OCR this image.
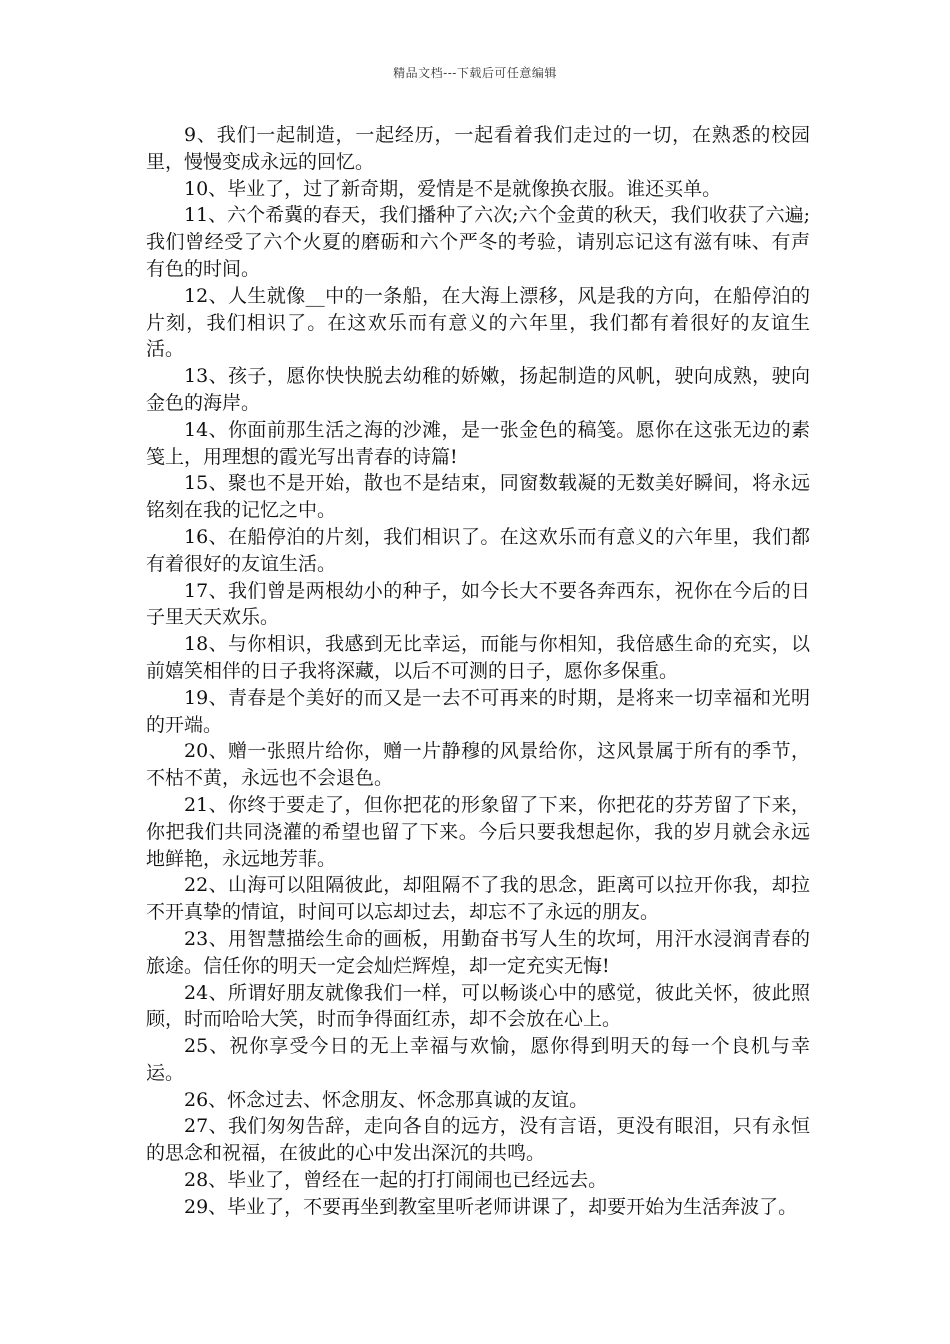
精品文档---下载后可任意编辑

9、我们一起制造，一起经历，一起看着我们走过的一切，在熟悉的校园里，慢慢变成永远的回忆。

10、毕业了，过了新奇期，爱情是不是就像换衣服。谁还买单。

11、六个希冀的春天，我们播种了六次;六个金黄的秋天，我们收获了六遍;我们曾经受了六个火夏的磨砺和六个严冬的考验，请别忘记这有滋有味、有声有色的时间。

12、人生就像__中的一条船，在大海上漂移，风是我的方向，在船停泊的片刻，我们相识了。在这欢乐而有意义的六年里，我们都有着很好的友谊生活。

13、孩子，愿你快快脱去幼稚的娇嫩，扬起制造的风帆，驶向成熟，驶向金色的海岸。

14、你面前那生活之海的沙滩，是一张金色的稿笺。愿你在这张无边的素笺上，用理想的霞光写出青春的诗篇!

15、聚也不是开始，散也不是结束，同窗数载凝的无数美好瞬间，将永远铭刻在我的记忆之中。

16、在船停泊的片刻，我们相识了。在这欢乐而有意义的六年里，我们都有着很好的友谊生活。

17、我们曾是两根幼小的种子，如今长大不要各奔西东，祝你在今后的日子里天天欢乐。

18、与你相识，我感到无比幸运，而能与你相知，我倍感生命的充实，以前嬉笑相伴的日子我将深藏，以后不可测的日子，愿你多保重。

19、青春是个美好的而又是一去不可再来的时期，是将来一切幸福和光明的开端。

20、赠一张照片给你，赠一片静穆的风景给你，这风景属于所有的季节，不枯不黄，永远也不会退色。

21、你终于要走了，但你把花的形象留了下来，你把花的芬芳留了下来，你把我们共同浇灌的希望也留了下来。今后只要我想起你，我的岁月就会永远地鲜艳，永远地芳菲。

22、山海可以阻隔彼此，却阻隔不了我的思念，距离可以拉开你我，却拉不开真挚的情谊，时间可以忘却过去，却忘不了永远的朋友。

23、用智慧描绘生命的画板，用勤奋书写人生的坎坷，用汗水浸润青春的旅途。信任你的明天一定会灿烂辉煌，却一定充实无悔!

24、所谓好朋友就像我们一样，可以畅谈心中的感觉，彼此关怀，彼此照顾，时而哈哈大笑，时而争得面红赤，却不会放在心上。

25、祝你享受今日的无上幸福与欢愉，愿你得到明天的每一个良机与幸运。

26、怀念过去、怀念朋友、怀念那真诚的友谊。

27、我们匆匆告辞，走向各自的远方，没有言语，更没有眼泪，只有永恒的思念和祝福，在彼此的心中发出深沉的共鸣。

28、毕业了，曾经在一起的打打闹闹也已经远去。

29、毕业了，不要再坐到教室里听老师讲课了，却要开始为生活奔波了。
